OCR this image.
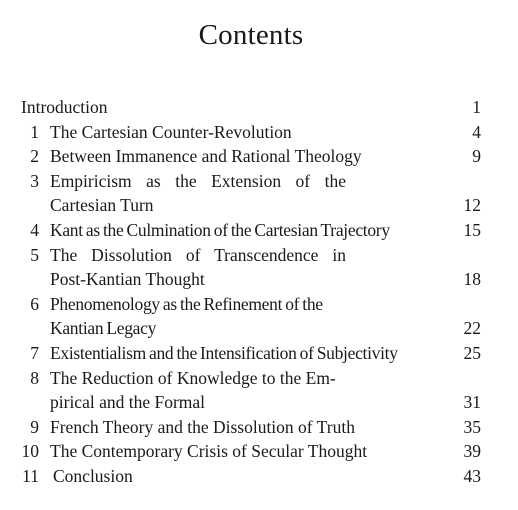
Contents
Introduction	1
1 The Cartesian Counter-Revolution	4
2 Between Immanence and Rational Theology	9
3 Empiricism as the Extension of the Cartesian Turn	12
4 Kant as the Culmination of the Cartesian Trajectory	15
5 The Dissolution of Transcendence in Post-Kantian Thought	18
6 Phenomenology as the Refinement of the Kantian Legacy	22
7 Existentialism and the Intensification of Subjectivity	25
8 The Reduction of Knowledge to the Em- pirical and the Formal	31
9 French Theory and the Dissolution of Truth	35
10 The Contemporary Crisis of Secular Thought	39
11 Conclusion	43
